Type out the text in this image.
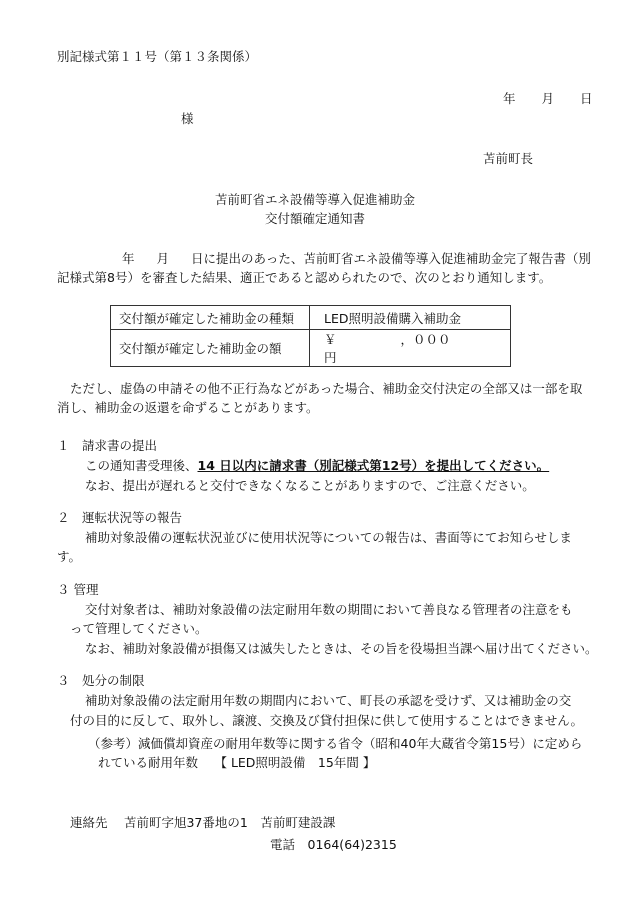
別記様式第１１号（第１３条関係）
年 月 日
様
苫前町長
苫前町省エネ設備等導入促進補助金
交付額確定通知書
年 月 日に提出のあった、苫前町省エネ設備等導入促進補助金完了報告書（別
記様式第8号）を審査した結果、適正であると認められたので、次のとおり通知します。
交付額が確定した補助金の種類	LED照明設備購入補助金
交付額が確定した補助金の額	￥ ，０００ 円
ただし、虚偽の申請その他不正行為などがあった場合、補助金交付決定の全部又は一部を取
消し、補助金の返還を命ずることがあります。
１　請求書の提出
この通知書受理後、14 日以内に請求書（別記様式第12号）を提出してください。
なお、提出が遅れると交付できなくなることがありますので、ご注意ください。
２　運転状況等の報告
補助対象設備の運転状況並びに使用状況等についての報告は、書面等にてお知らせしま
す。
３ 管理
交付対象者は、補助対象設備の法定耐用年数の期間において善良なる管理者の注意をも
って管理してください。
なお、補助対象設備が損傷又は滅失したときは、その旨を役場担当課へ届け出てください。
３　処分の制限
補助対象設備の法定耐用年数の期間内において、町長の承認を受けず、又は補助金の交
付の目的に反して、取外し、譲渡、交換及び貸付担保に供して使用することはできません。
（参考）減価償却資産の耐用年数等に関する省令（昭和40年大蔵省令第15号）に定めら
れている耐用年数　 【 LED照明設備　15年間 】
連絡先　 苫前町字旭37番地の1　苫前町建設課
電話　0164(64)2315
